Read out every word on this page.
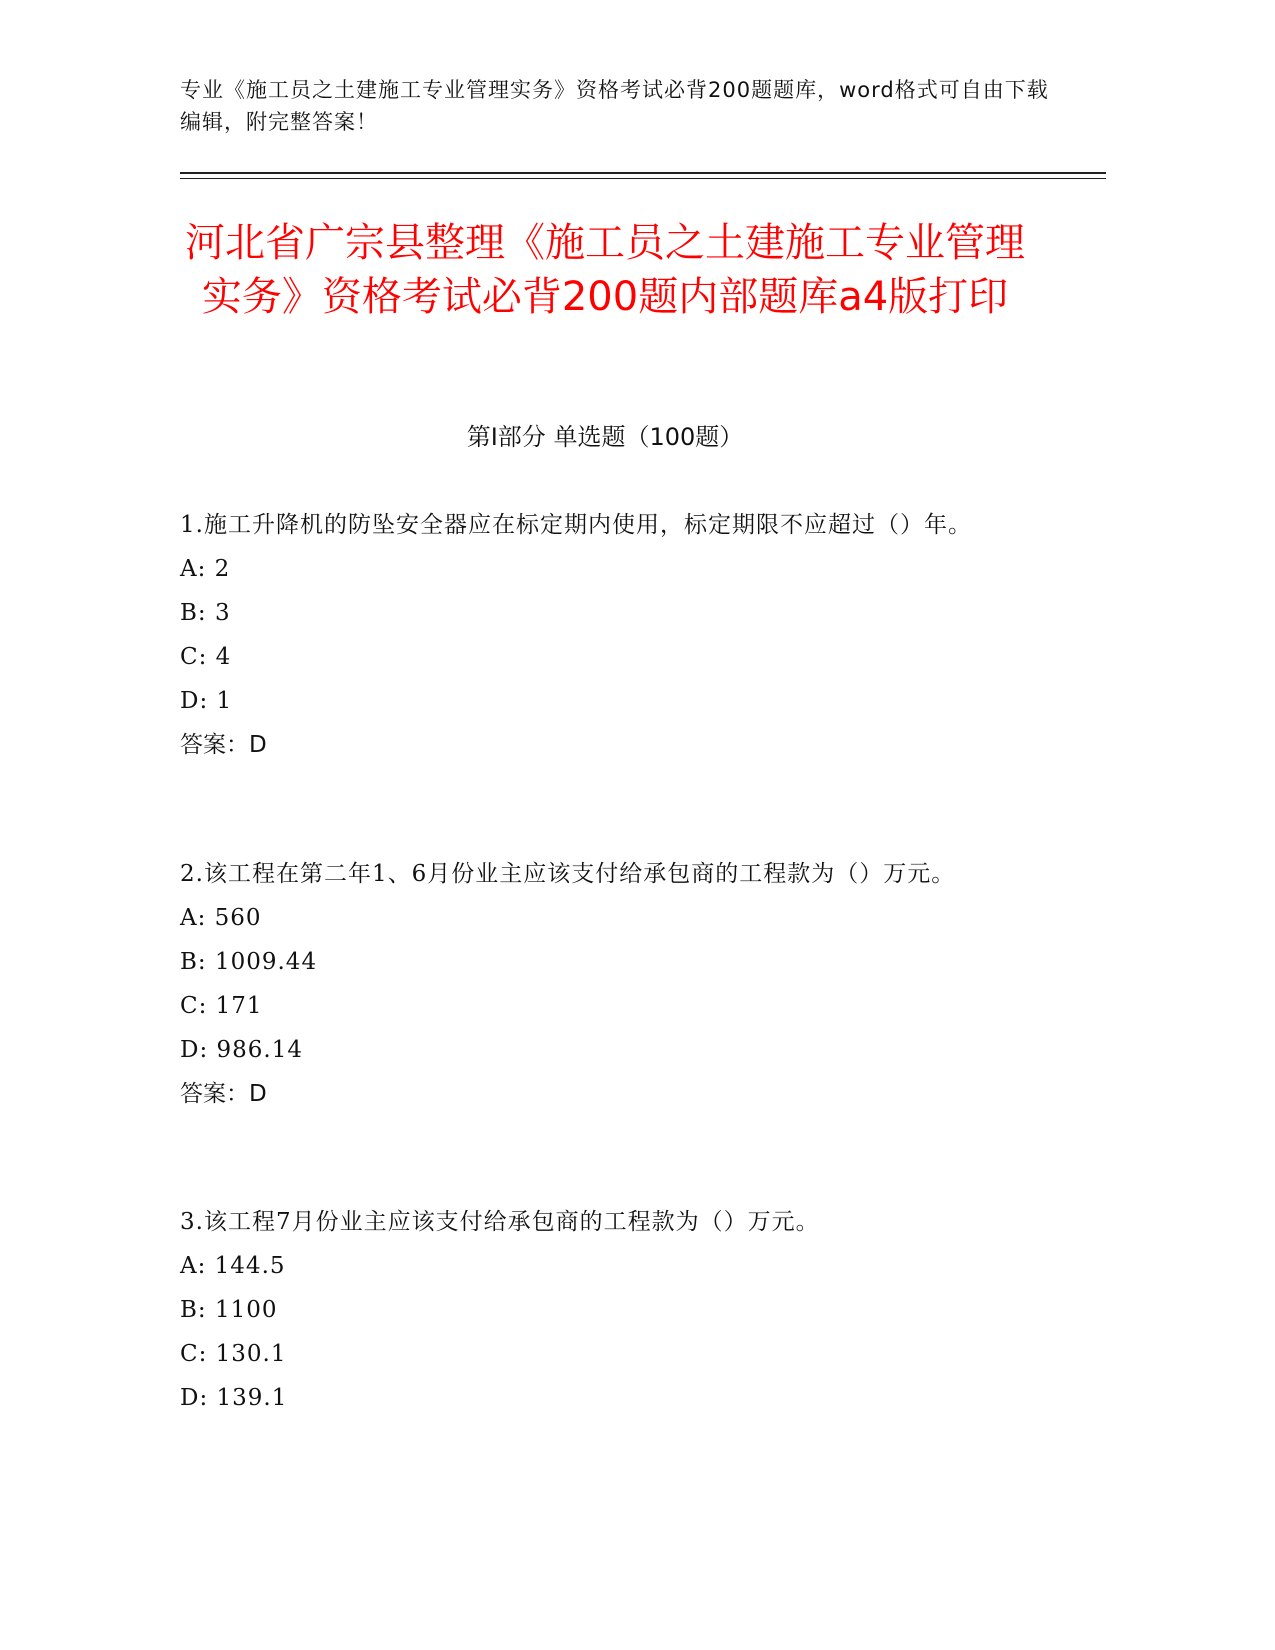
专业《施工员之土建施工专业管理实务》资格考试必背200题题库，word格式可自由下载编辑，附完整答案！
河北省广宗县整理《施工员之土建施工专业管理实务》资格考试必背200题内部题库a4版打印
第Ⅰ部分 单选题（100题）
1.施工升降机的防坠安全器应在标定期内使用，标定期限不应超过（）年。
A: 2
B: 3
C: 4
D: 1
答案：D
2.该工程在第二年1、6月份业主应该支付给承包商的工程款为（）万元。
A: 560
B: 1009.44
C: 171
D: 986.14
答案：D
3.该工程7月份业主应该支付给承包商的工程款为（）万元。
A: 144.5
B: 1100
C: 130.1
D: 139.1
